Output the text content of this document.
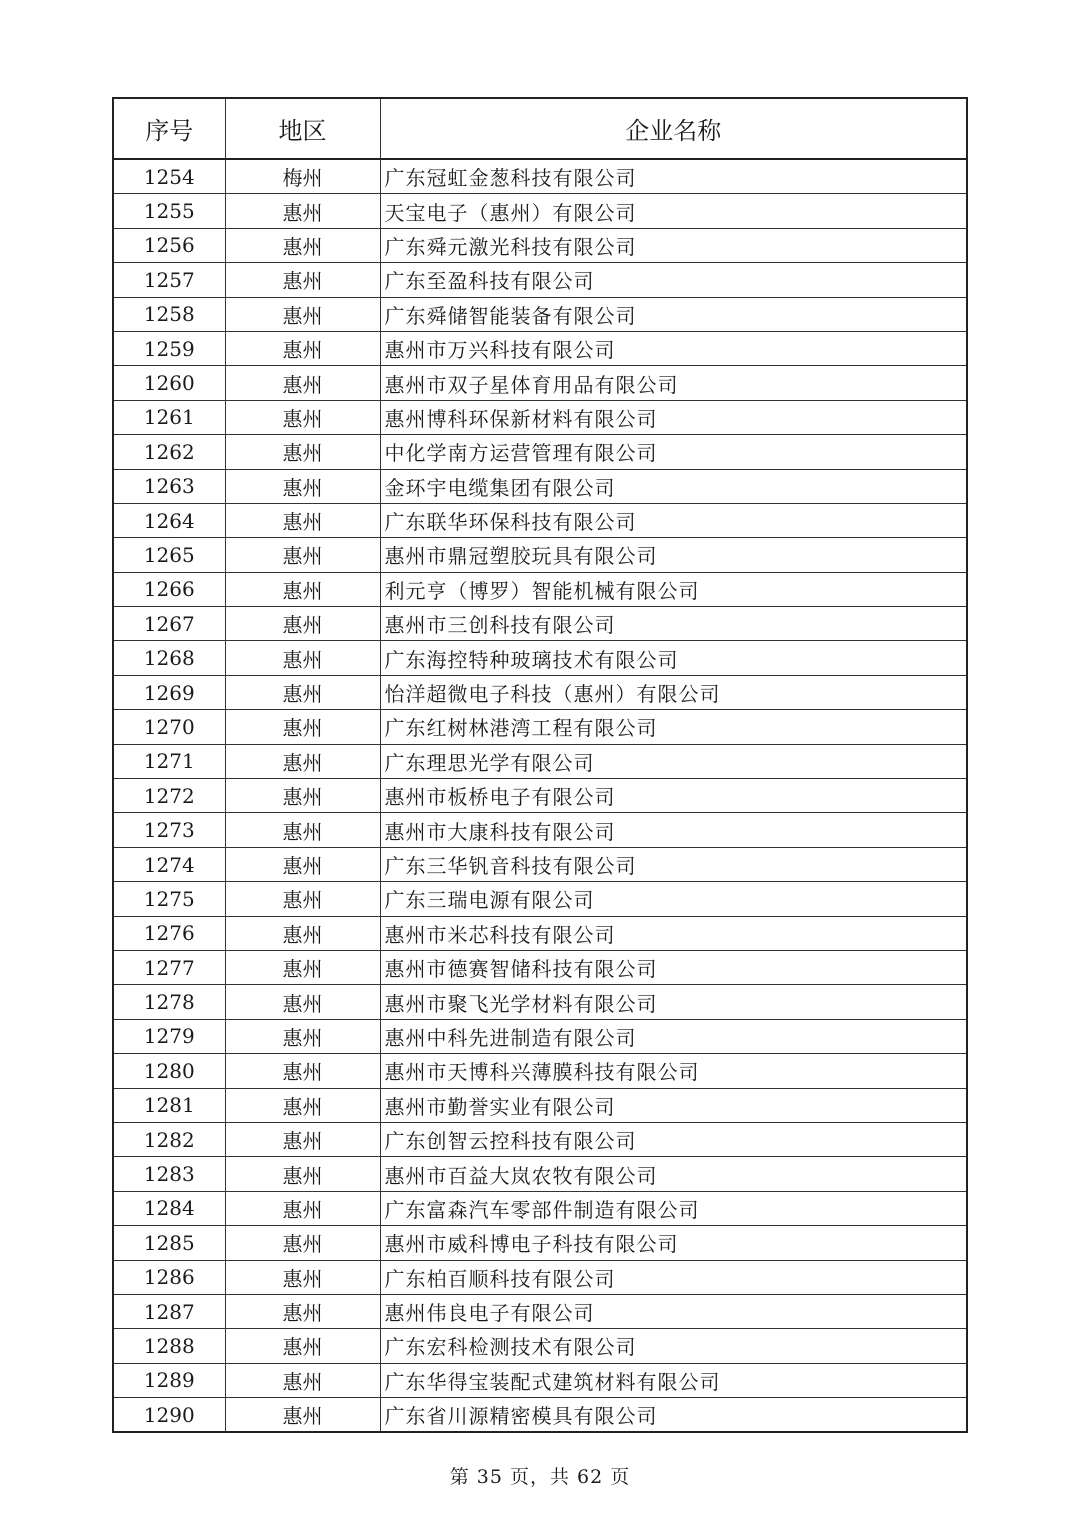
序号	地区	企业名称
1254	梅州	广东冠虹金葱科技有限公司
1255	惠州	天宝电子（惠州）有限公司
1256	惠州	广东舜元激光科技有限公司
1257	惠州	广东至盈科技有限公司
1258	惠州	广东舜储智能装备有限公司
1259	惠州	惠州市万兴科技有限公司
1260	惠州	惠州市双子星体育用品有限公司
1261	惠州	惠州博科环保新材料有限公司
1262	惠州	中化学南方运营管理有限公司
1263	惠州	金环宇电缆集团有限公司
1264	惠州	广东联华环保科技有限公司
1265	惠州	惠州市鼎冠塑胶玩具有限公司
1266	惠州	利元亨（博罗）智能机械有限公司
1267	惠州	惠州市三创科技有限公司
1268	惠州	广东海控特种玻璃技术有限公司
1269	惠州	怡洋超微电子科技（惠州）有限公司
1270	惠州	广东红树林港湾工程有限公司
1271	惠州	广东理思光学有限公司
1272	惠州	惠州市板桥电子有限公司
1273	惠州	惠州市大康科技有限公司
1274	惠州	广东三华钒音科技有限公司
1275	惠州	广东三瑞电源有限公司
1276	惠州	惠州市米芯科技有限公司
1277	惠州	惠州市德赛智储科技有限公司
1278	惠州	惠州市聚飞光学材料有限公司
1279	惠州	惠州中科先进制造有限公司
1280	惠州	惠州市天博科兴薄膜科技有限公司
1281	惠州	惠州市勤誉实业有限公司
1282	惠州	广东创智云控科技有限公司
1283	惠州	惠州市百益大岚农牧有限公司
1284	惠州	广东富森汽车零部件制造有限公司
1285	惠州	惠州市威科博电子科技有限公司
1286	惠州	广东柏百顺科技有限公司
1287	惠州	惠州伟良电子有限公司
1288	惠州	广东宏科检测技术有限公司
1289	惠州	广东华得宝装配式建筑材料有限公司
1290	惠州	广东省川源精密模具有限公司
第 35 页，共 62 页
